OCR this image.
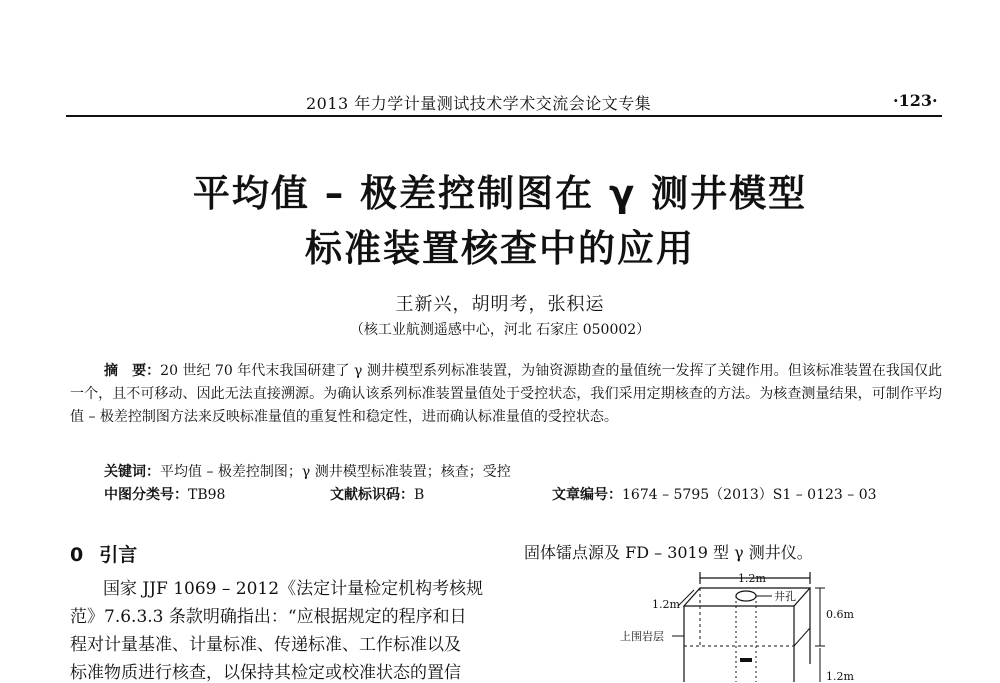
2013 年力学计量测试技术学术交流会论文专集	·123·
平均值 – 极差控制图在 γ 测井模型
标准装置核查中的应用
王新兴，胡明考，张积运
（核工业航测遥感中心，河北 石家庄 050002）
摘　要：20 世纪 70 年代末我国研建了 γ 测井模型系列标准装置，为铀资源勘查的量值统一发挥了关键作用。但该标准装置在我国仅此一个，且不可移动、因此无法直接溯源。为确认该系列标准装置量值处于受控状态，我们采用定期核查的方法。为核查测量结果，可制作平均值 – 极差控制图方法来反映标准量值的重复性和稳定性，进而确认标准量值的受控状态。
关键词：平均值 – 极差控制图；γ 测井模型标准装置；核查；受控
中图分类号：TB98	文献标识码：B	文章编号：1674 – 5795（2013）S1 – 0123 – 03
0 引言
国家 JJF 1069 – 2012《法定计量检定机构考核规
范》7.6.3.3 条款明确指出：“应根据规定的程序和日
程对计量基准、计量标准、传递标准、工作标准以及
标准物质进行核查，以保持其检定或校准状态的置信
固体镭点源及 FD – 3019 型 γ 测井仪。
1.2m
井孔
1.2m
上围岩层
0.6m
1.2m
